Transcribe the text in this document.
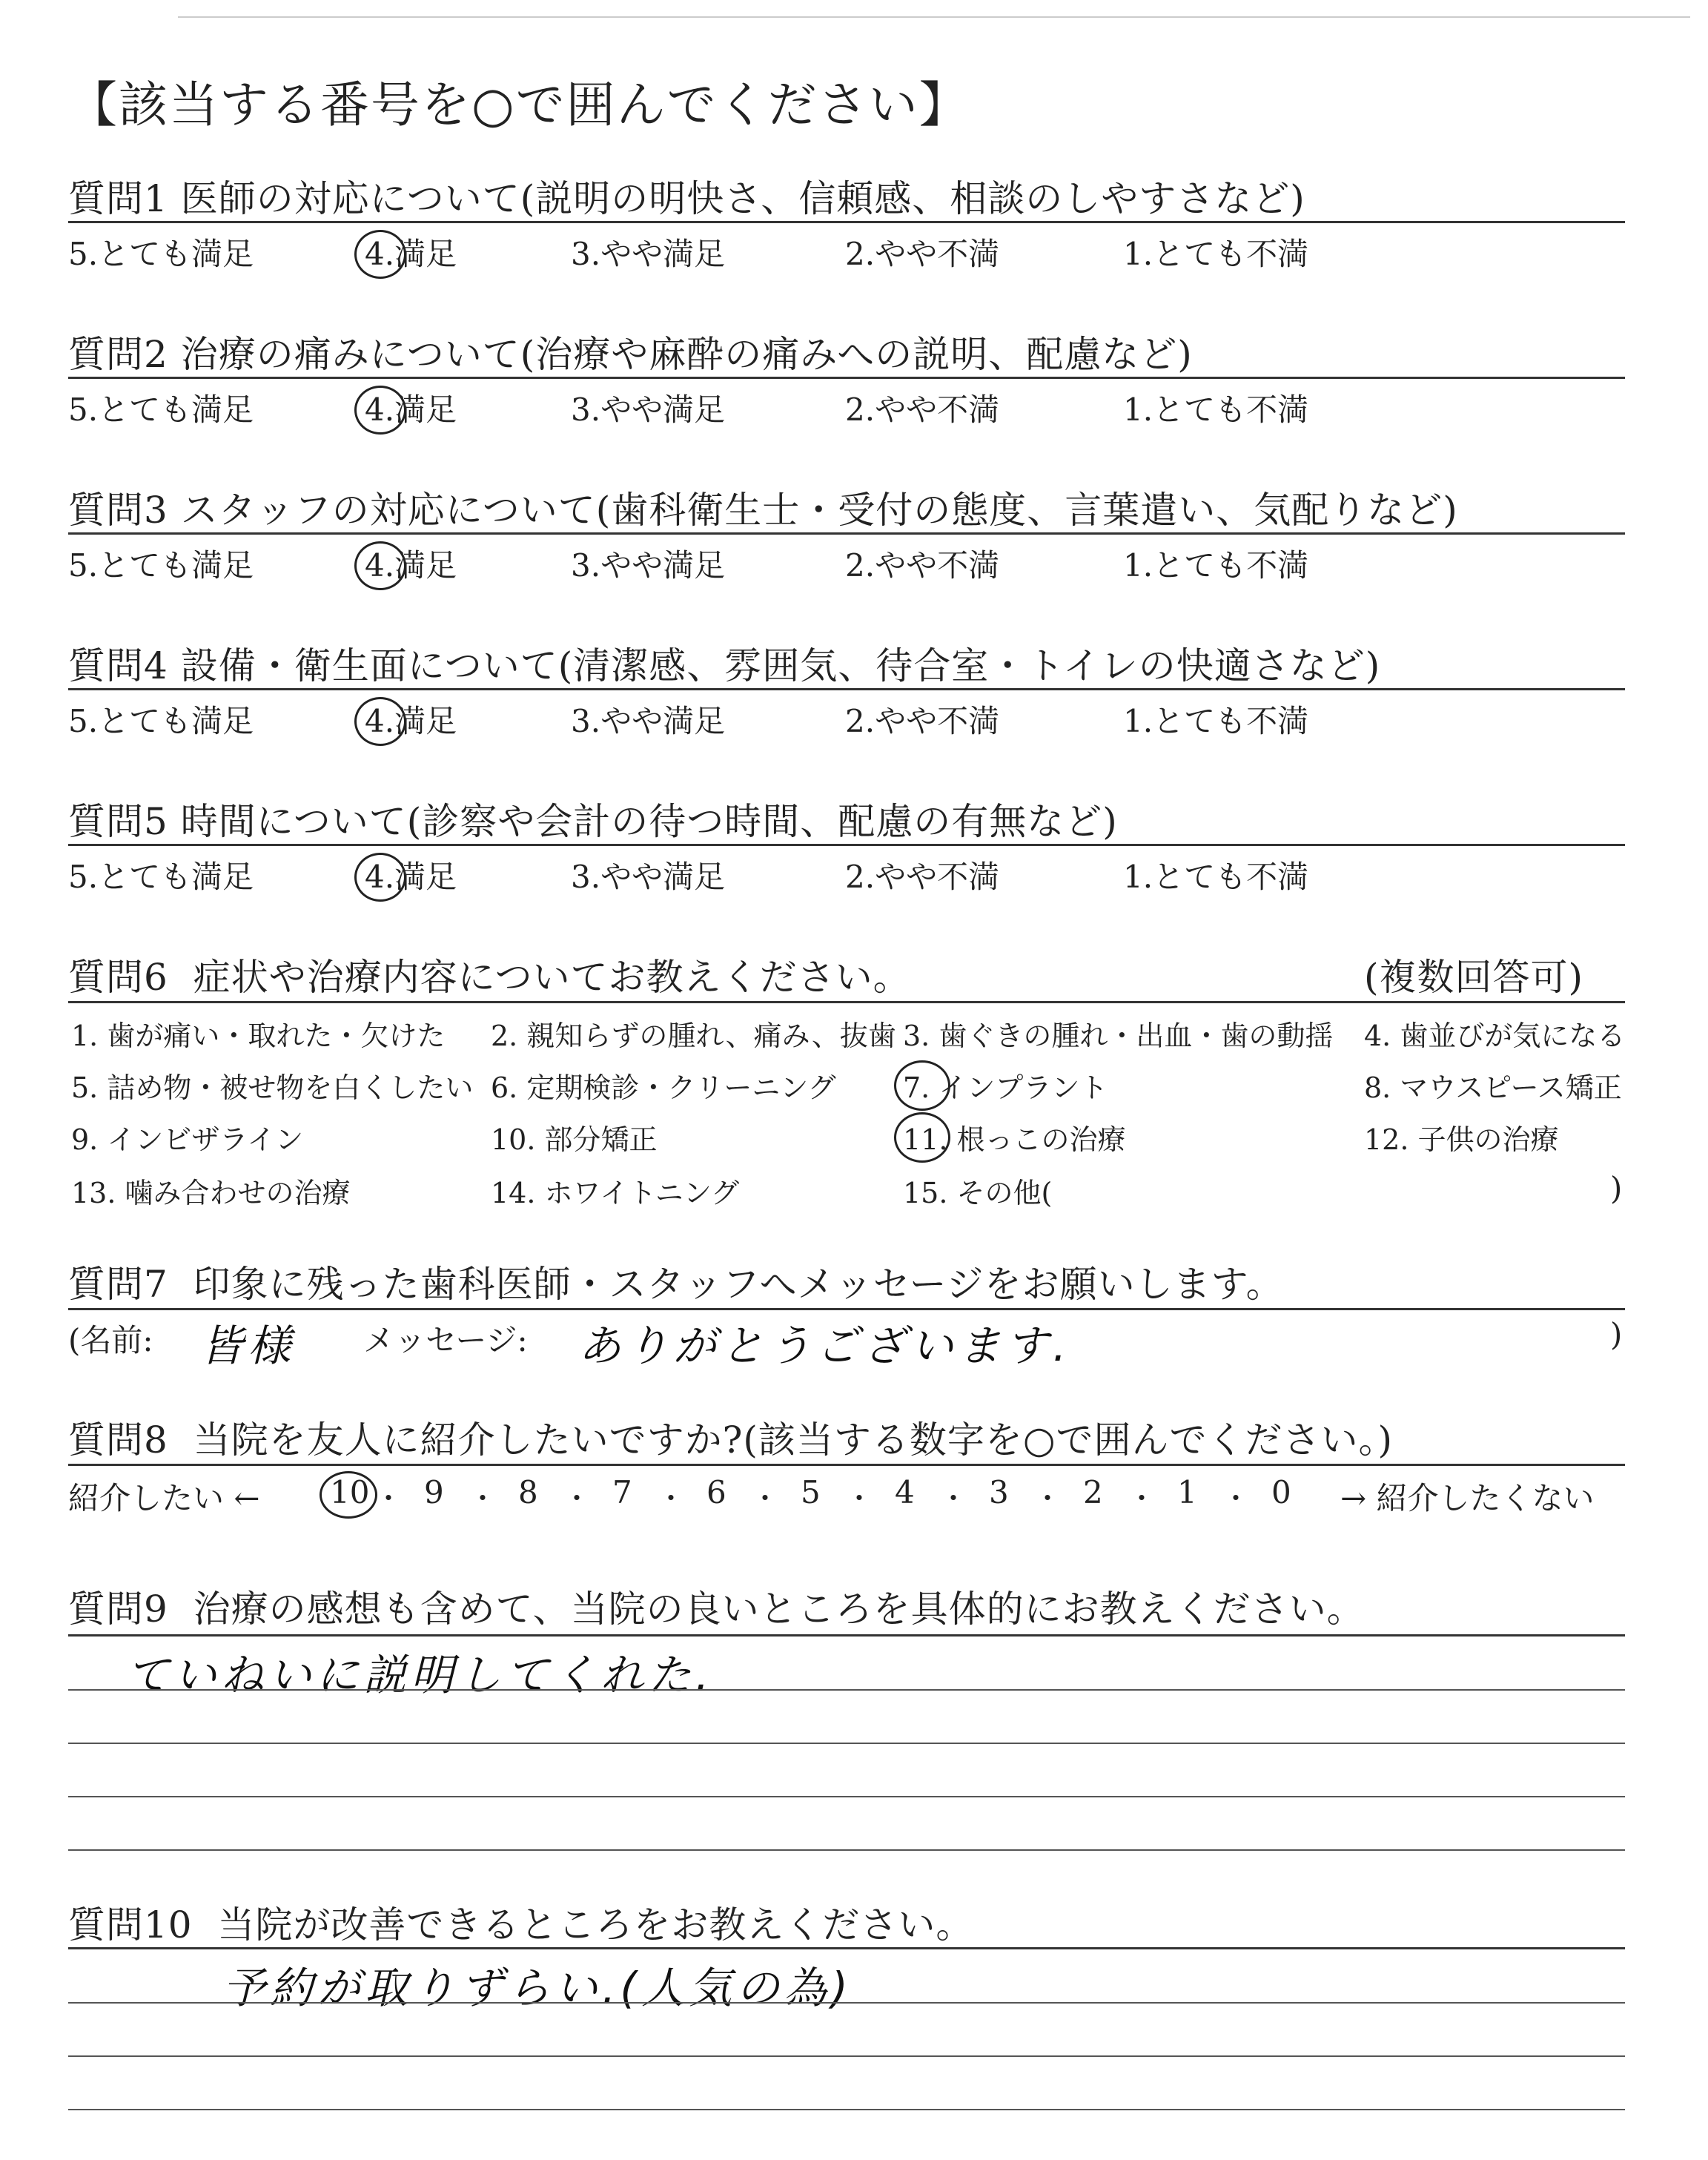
【該当する番号を○で囲んでください】
質問1 医師の対応について(説明の明快さ、信頼感、相談のしやすさなど)
5.とても満足	4.満足	3.やや満足	2.やや不満	1.とても不満
質問2 治療の痛みについて(治療や麻酔の痛みへの説明、配慮など)
5.とても満足	4.満足	3.やや満足	2.やや不満	1.とても不満
質問3 スタッフの対応について(歯科衛生士・受付の態度、言葉遣い、気配りなど)
5.とても満足	4.満足	3.やや満足	2.やや不満	1.とても不満
質問4 設備・衛生面について(清潔感、雰囲気、待合室・トイレの快適さなど)
5.とても満足	4.満足	3.やや満足	2.やや不満	1.とても不満
質問5 時間について(診察や会計の待つ時間、配慮の有無など)
5.とても満足	4.満足	3.やや満足	2.やや不満	1.とても不満
質問6 症状や治療内容についてお教えください。	(複数回答可)
1. 歯が痛い・取れた・欠けた 2. 親知らずの腫れ、痛み、抜歯 3. 歯ぐきの腫れ・出血・歯の動揺 4. 歯並びが気になる
5. 詰め物・被せ物を白くしたい 6. 定期検診・クリーニング 7. インプラント	8. マウスピース矯正
9. インビザライン	10. 部分矯正	11. 根っこの治療	12. 子供の治療
13. 噛み合わせの治療	14. ホワイトニング	15. その他(	)
質問7 印象に残った歯科医師・スタッフへメッセージをお願いします。
(名前: 皆様 メッセージ: ありがとうございます.	)
質問8 当院を友人に紹介したいですか?(該当する数字を○で囲んでください。)
紹介したい ← 10 ・ 9 ・ 8 ・ 7 ・ 6 ・ 5 ・ 4 ・ 3 ・ 2 ・ 1 ・ 0 → 紹介したくない
質問9 治療の感想も含めて、当院の良いところを具体的にお教えください。
ていねいに説明してくれた.
質問10 当院が改善できるところをお教えください。
予約が取りずらい.(人気の為)
